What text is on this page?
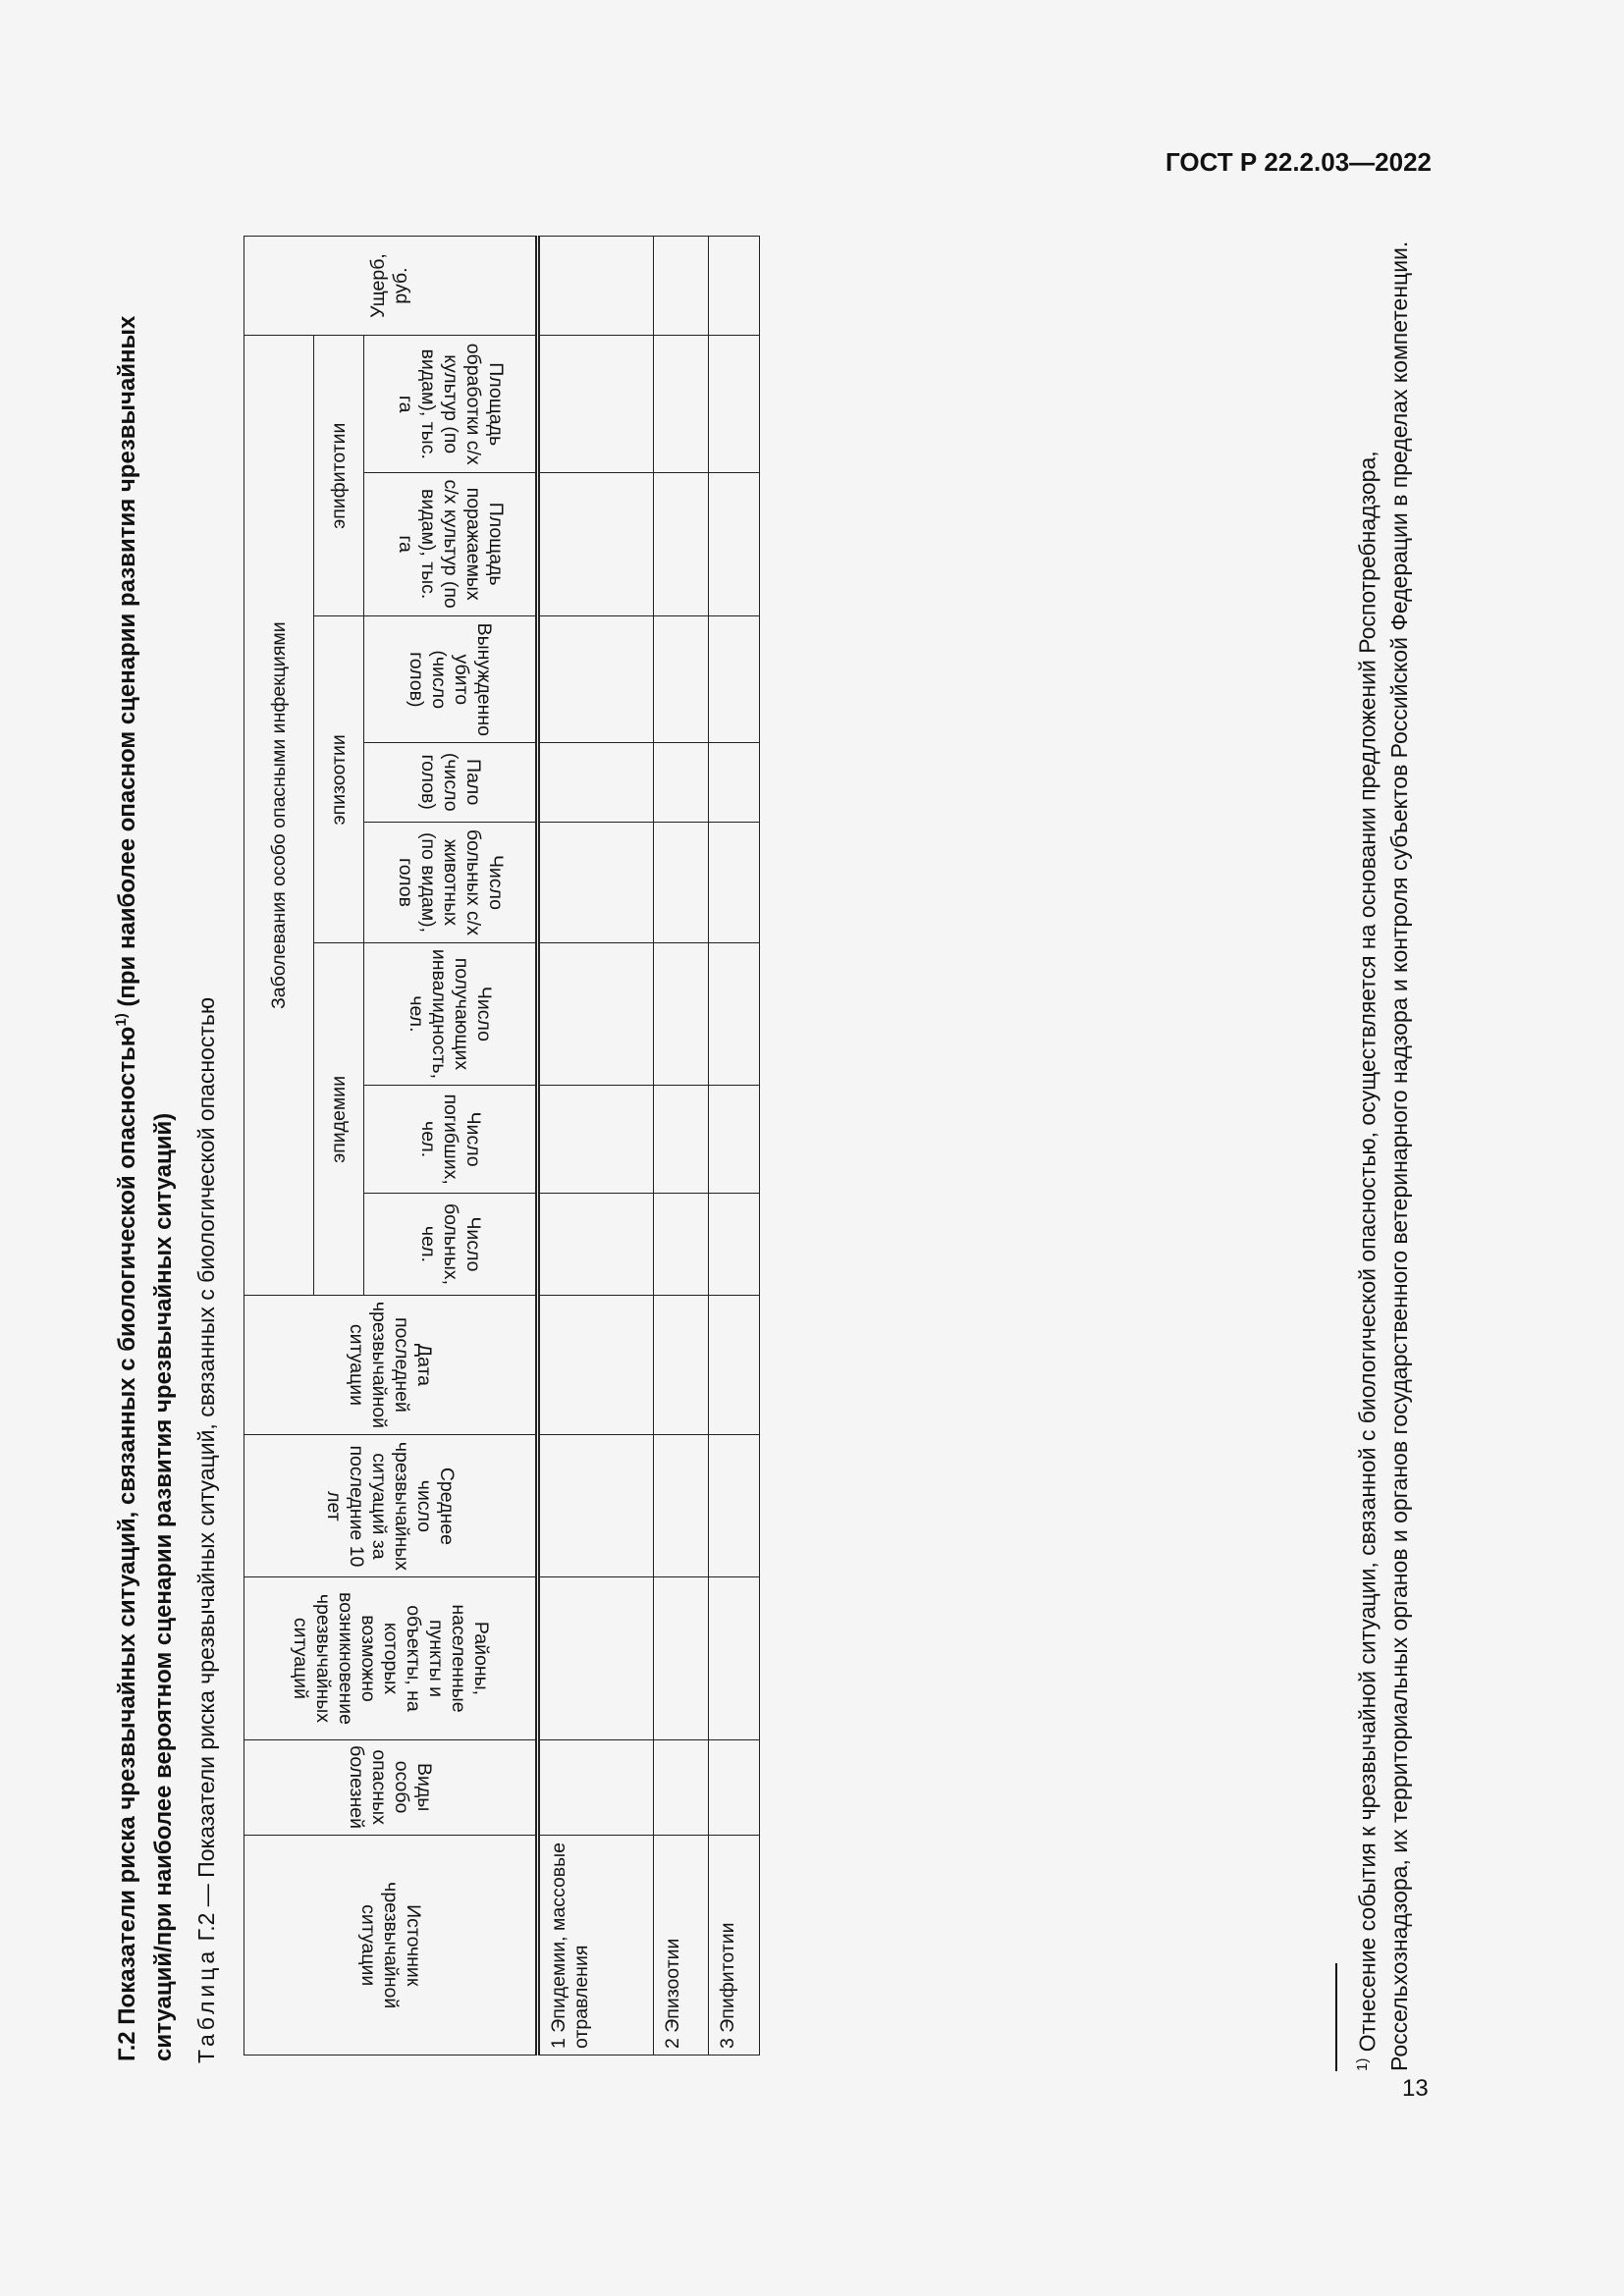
ГОСТ Р 22.2.03—2022

Г.2 Показатели риска чрезвычайных ситуаций, связанных с биологической опасностью$^{1)}$ (при наиболее опасном сценарии развития чрезвычайных ситуаций/при наиболее вероятном сценарии развития чрезвычайных ситуаций) Таблица Г.2 — Показатели риска чрезвычайных ситуаций, связанных с биологической опасностью
Источник чрезвычайной ситуации	Виды особо опасных болезней	Районы, населенные пункты и объекты, на которых возможно возникновение чрезвычайных ситуаций	Среднее число чрезвычайных ситуаций за последние 10 лет	Дата последней чрезвычайной ситуации	Заболевания особо опасными инфекциями								Ущерб, руб.
					эпидемии			эпизоотии			эпифитотии		
					Число больных, чел.	Число погибших, чел.	Число получающих инвалидность, чел.	Число больных с/х животных (по видам), голов	Пало (число голов)	Вынужденно убито (число голов)	Площадь поражаемых с/х культур (по видам), тыс. га	Площадь обработки с/х культур (по видам), тыс. га	
1 Эпидемии, массовые отравления													
2 Эпизоотии													
3 Эпифитотии													

$^{1)}$ Отнесение события к чрезвычайной ситуации, связанной с биологической опасностью, осуществляется на основании предложений Роспотребнадзора, Россельхознадзора, их территориальных органов и органов государственного ветеринарного надзора и контроля субъектов Российской Федерации в пределах компетенции.

13
